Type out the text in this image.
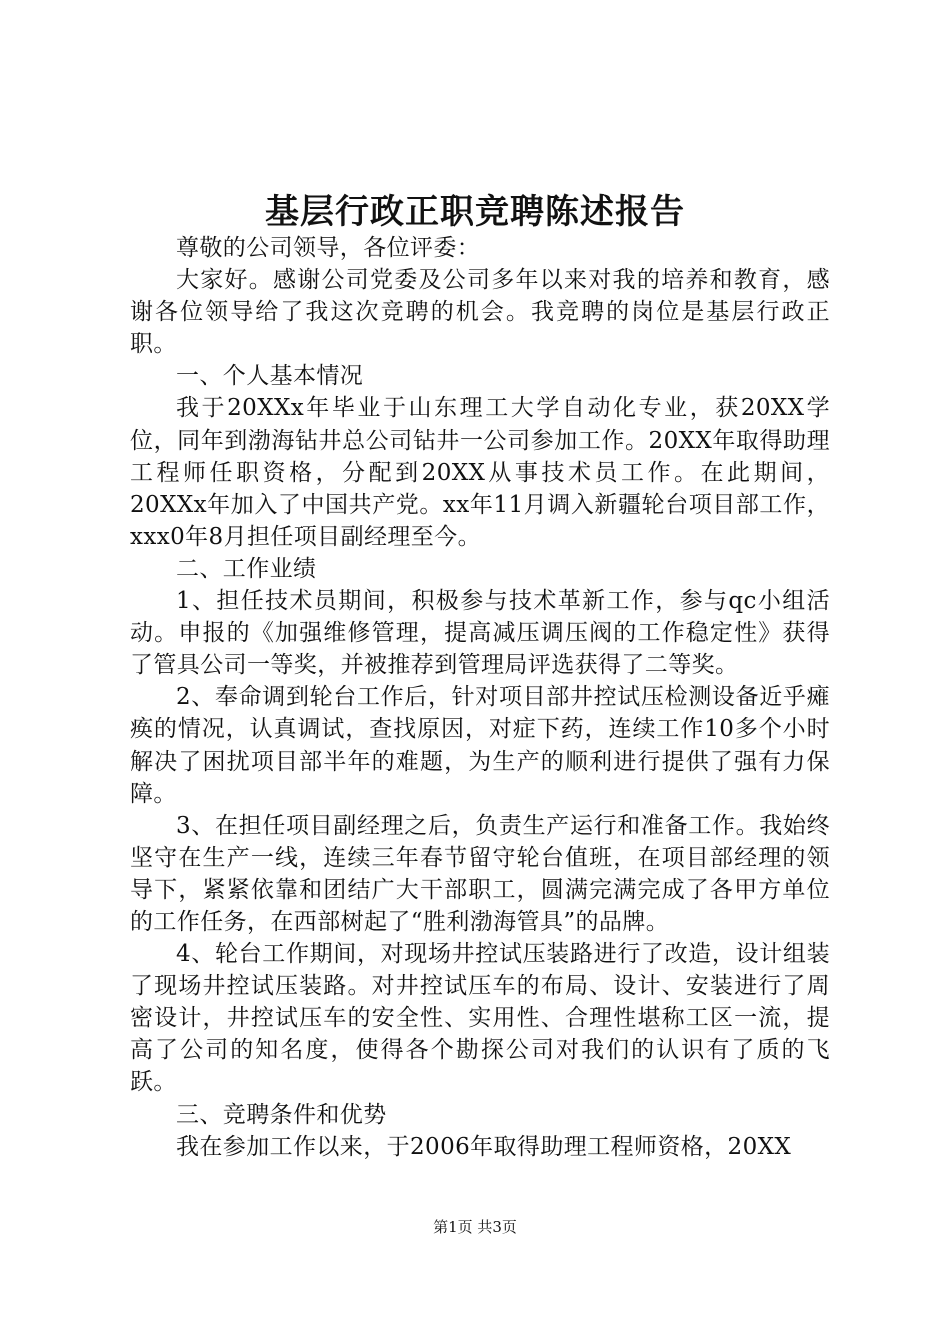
基层行政正职竞聘陈述报告

尊敬的公司领导，各位评委：

大家好。感谢公司党委及公司多年以来对我的培养和教育，感谢各位领导给了我这次竞聘的机会。我竞聘的岗位是基层行政正职。

一、个人基本情况

我于20XXx年毕业于山东理工大学自动化专业，获20XX学位，同年到渤海钻井总公司钻井一公司参加工作。20XX年取得助理工程师任职资格，分配到20XX从事技术员工作。在此期间，20XXx年加入了中国共产党。xx年11月调入新疆轮台项目部工作，xxx0年8月担任项目副经理至今。

二、工作业绩

1、担任技术员期间，积极参与技术革新工作，参与qc小组活动。申报的《加强维修管理，提高减压调压阀的工作稳定性》获得了管具公司一等奖，并被推荐到管理局评选获得了二等奖。

2、奉命调到轮台工作后，针对项目部井控试压检测设备近乎瘫痪的情况，认真调试，查找原因，对症下药，连续工作10多个小时解决了困扰项目部半年的难题，为生产的顺利进行提供了强有力保障。

3、在担任项目副经理之后，负责生产运行和准备工作。我始终坚守在生产一线，连续三年春节留守轮台值班，在项目部经理的领导下，紧紧依靠和团结广大干部职工，圆满完满完成了各甲方单位的工作任务，在西部树起了“胜利渤海管具”的品牌。

4、轮台工作期间，对现场井控试压装路进行了改造，设计组装了现场井控试压装路。对井控试压车的布局、设计、安装进行了周密设计，井控试压车的安全性、实用性、合理性堪称工区一流，提高了公司的知名度，使得各个勘探公司对我们的认识有了质的飞跃。

三、竞聘条件和优势

我在参加工作以来，于2006年取得助理工程师资格，20XX

第1页 共3页
